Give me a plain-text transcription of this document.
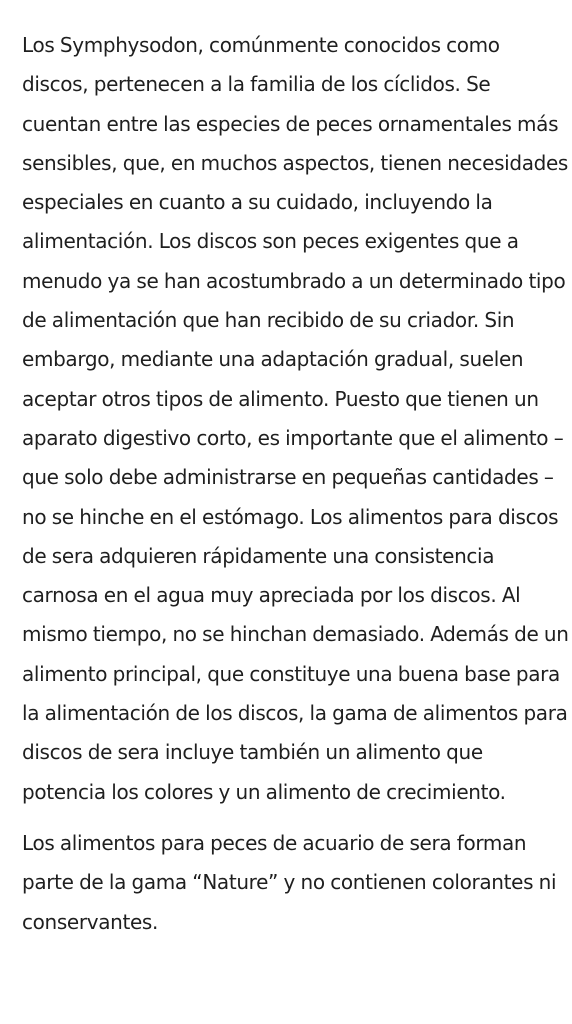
Los Symphysodon, comúnmente conocidos como discos, pertenecen a la familia de los cíclidos. Se cuentan entre las especies de peces ornamentales más sensibles, que, en muchos aspectos, tienen necesidades especiales en cuanto a su cuidado, incluyendo la alimentación. Los discos son peces exigentes que a menudo ya se han acostumbrado a un determinado tipo de alimentación que han recibido de su criador. Sin embargo, mediante una adaptación gradual, suelen aceptar otros tipos de alimento. Puesto que tienen un aparato digestivo corto, es importante que el alimento – que solo debe administrarse en pequeñas cantidades – no se hinche en el estómago. Los alimentos para discos de sera adquieren rápidamente una consistencia carnosa en el agua muy apreciada por los discos. Al mismo tiempo, no se hinchan demasiado. Además de un alimento principal, que constituye una buena base para la alimentación de los discos, la gama de alimentos para discos de sera incluye también un alimento que potencia los colores y un alimento de crecimiento.

Los alimentos para peces de acuario de sera forman parte de la gama “Nature” y no contienen colorantes ni conservantes.
